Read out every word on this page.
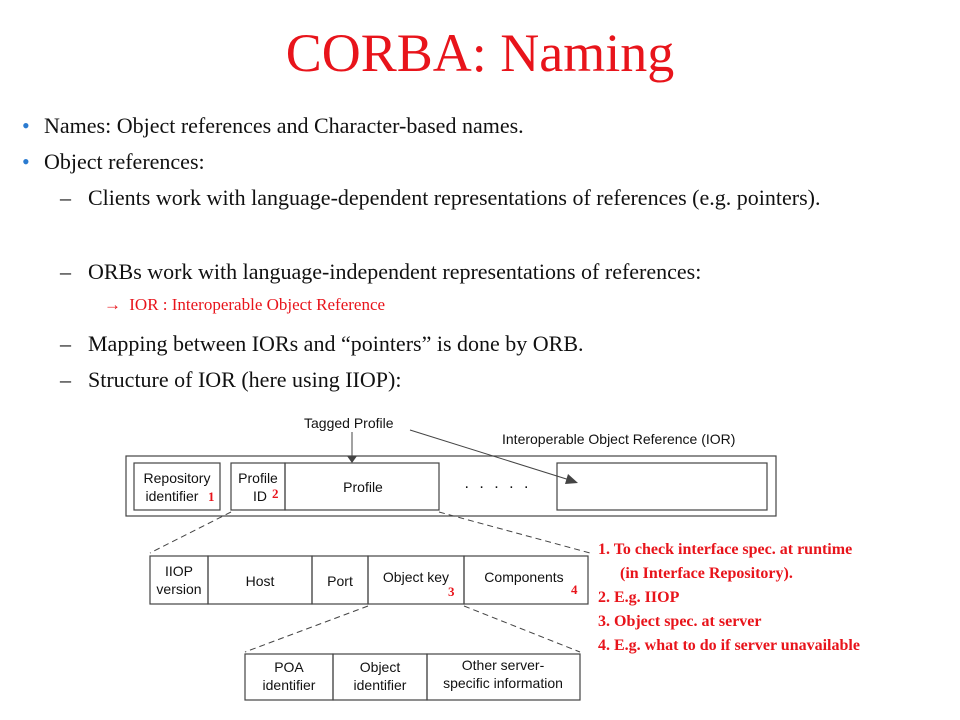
CORBA: Naming
• Names: Object references and Character-based names.
• Object references:
– Clients work with language-dependent representations of references (e.g. pointers).
– ORBs work with language-independent representations of references:
→ IOR : Interoperable Object Reference
– Mapping between IORs and “pointers” is done by ORB.
– Structure of IOR (here using IIOP):
Repository
identifier 1
Profile
ID 2	Profile	. . . . .
Tagged Profile
Interoperable Object Reference (IOR)
IIOP
version	Host	Port Object key
3
Components
4
POA
identifier
Object
identifier
Other server-
specific information
1. To check interface spec. at runtime
(in Interface Repository).
2. E.g. IIOP
3. Object spec. at server
4. E.g. what to do if server unavailable
